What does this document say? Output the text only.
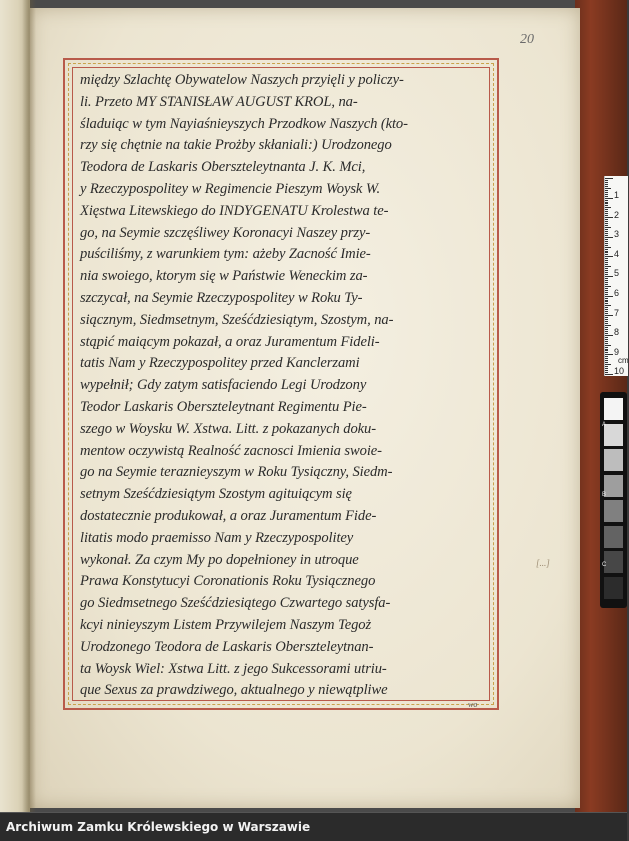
20
[...]
między Szlachtę Obywatelow Naszych przyięli y policzy-
li. Przeto MY STANISŁAW AUGUST KROL, na-
śladuiąc w tym Nayiaśnieyszych Przodkow Naszych (kto-
rzy się chętnie na takie Prożby skłaniali:) Urodzonego
Teodora de Laskaris Oberszteleytnanta J. K. Mci,
y Rzeczypospolitey w Regimencie Pieszym Woysk W.
Xięstwa Litewskiego do INDYGENATU Krolestwa te-
go, na Seymie szczęśliwey Koronacyi Naszey przy-
puściliśmy, z warunkiem tym: ażeby Zacność Imie-
nia swoiego, ktorym się w Państwie Weneckim za-
szczycał, na Seymie Rzeczypospolitey w Roku Ty-
siącznym, Siedmsetnym, Sześćdziesiątym, Szostym, na-
stąpić maiącym pokazał, a oraz Juramentum Fideli-
tatis Nam y Rzeczypospolitey przed Kanclerzami
wypełnił; Gdy zatym satisfaciendo Legi Urodzony
Teodor Laskaris Oberszteleytnant Regimentu Pie-
szego w Woysku W. Xstwa. Litt. z pokazanych doku-
mentow oczywistą Realność zacnosci Imienia swoie-
go na Seymie teraznieyszym w Roku Tysiączny, Siedm-
setnym Sześćdziesiątym Szostym agituiącym się
dostatecznie produkował, a oraz Juramentum Fide-
litatis modo praemisso Nam y Rzeczypospolitey
wykonał. Za czym My po dopełnioney in utroque
Prawa Konstytucyi Coronationis Roku Tysiącznego
go Siedmsetnego Sześćdziesiątego Czwartego satysfa-
kcyi ninieyszym Listem Przywilejem Naszym Tegoż
Urodzonego Teodora de Laskaris Oberszteleytnan-
ta Woysk Wiel: Xstwa Litt. z jego Sukcessorami utriu-
que Sexus za prawdziwego, aktualnego y niewątpliwe
wo
cm
1
2
3
4
5
6
7
8
9
10
A
B
C
Archiwum Zamku Królewskiego w Warszawie
